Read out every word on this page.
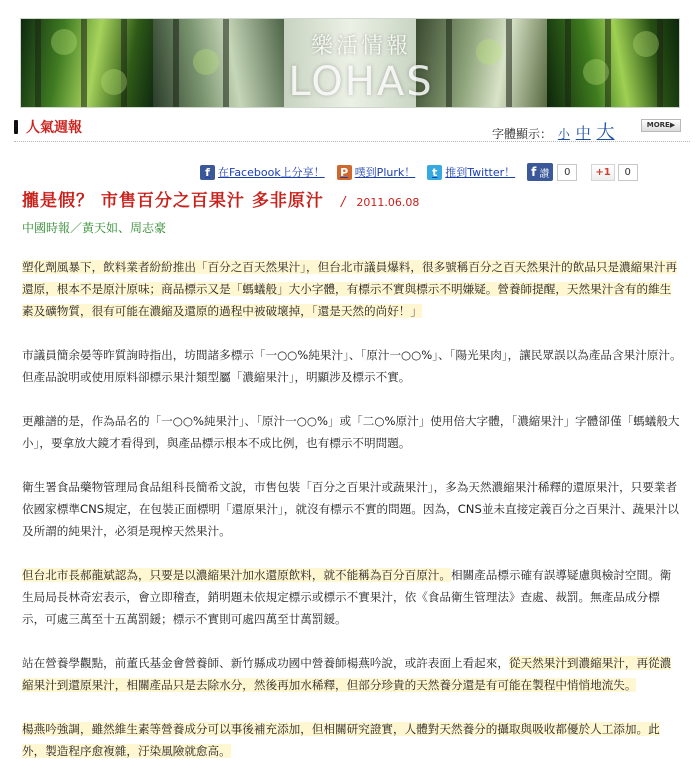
樂活情報
LOHAS
人氣週報	字體顯示： 小 中 大	MORE▶
f 在Facebook上分享！	P 噗到Plurk！	t 推到Twitter！ f 讚	0	+1	0
攏是假？ 市售百分之百果汁 多非原汁 / 2011.06.08
中國時報／黃天如、周志豪

塑化劑風暴下，飲料業者紛紛推出「百分之百天然果汁」，但台北市議員爆料，很多號稱百分之百天然果汁的飲品只是濃縮果汁再還原，根本不是原汁原味；商品標示又是「螞蟻般」大小字體，有標示不實與標示不明嫌疑。營養師提醒，天然果汁含有的維生素及礦物質，很有可能在濃縮及還原的過程中被破壞掉，「還是天然的尚好！」

市議員簡余晏等昨質詢時指出，坊間諸多標示「一○○%純果汁」、「原汁一○○%」、「陽光果肉」，讓民眾誤以為產品含果汁原汁。但產品說明或使用原料卻標示果汁類型屬「濃縮果汁」，明顯涉及標示不實。

更離譜的是，作為品名的「一○○%純果汁」、「原汁一○○%」或「二○%原汁」使用倍大字體，「濃縮果汁」字體卻僅「螞蟻般大小」，要拿放大鏡才看得到，與產品標示根本不成比例，也有標示不明問題。

衛生署食品藥物管理局食品組科長簡希文說，市售包裝「百分之百果汁或蔬果汁」，多為天然濃縮果汁稀釋的還原果汁，只要業者依國家標準CNS規定，在包裝正面標明「還原果汁」，就沒有標示不實的問題。因為，CNS並未直接定義百分之百果汁、蔬果汁以及所謂的純果汁，必須是現榨天然果汁。

但台北市長郝龍斌認為，只要是以濃縮果汁加水還原飲料，就不能稱為百分百原汁。相關產品標示確有誤導疑慮與檢討空間。衛生局局長林奇宏表示，會立即稽查，銷明題未依規定標示或標示不實果汁，依《食品衛生管理法》查處、裁罰。無產品成分標示，可處三萬至十五萬罰鍰；標示不實則可處四萬至廿萬罰鍰。

站在營養學觀點，前董氏基金會營養師、新竹縣成功國中營養師楊燕吟說，或許表面上看起來，從天然果汁到濃縮果汁，再從濃縮果汁到還原果汁，相關產品只是去除水分，然後再加水稀釋，但部分珍貴的天然養分還是有可能在製程中悄悄地流失。

楊燕吟強調，雖然維生素等營養成分可以事後補充添加，但相關研究證實，人體對天然養分的攝取與吸收都優於人工添加。此外，製造程序愈複雜，汙染風險就愈高。
